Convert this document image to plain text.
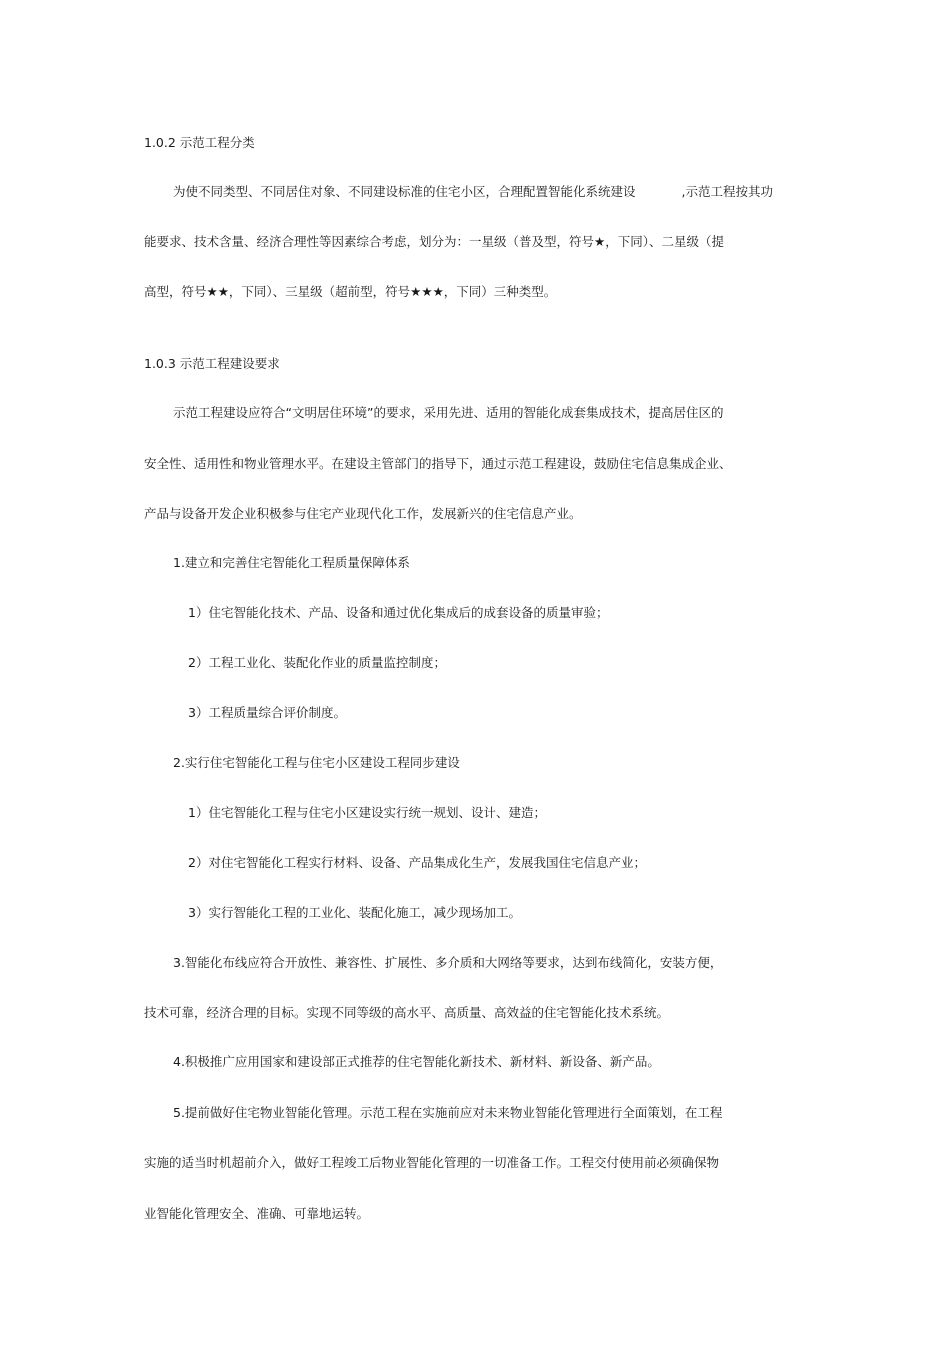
1.0.2 示范工程分类

为使不同类型、不同居住对象、不同建设标准的住宅小区，合理配置智能化系统建设	,示范工程按其功

能要求、技术含量、经济合理性等因素综合考虑，划分为：一星级（普及型，符号★，下同）、二星级（提

高型，符号★★，下同）、三星级（超前型，符号★★★，下同）三种类型。

1.0.3 示范工程建设要求

示范工程建设应符合“文明居住环境”的要求，采用先进、适用的智能化成套集成技术，提高居住区的

安全性、适用性和物业管理水平。在建设主管部门的指导下，通过示范工程建设，鼓励住宅信息集成企业、

产品与设备开发企业积极参与住宅产业现代化工作，发展新兴的住宅信息产业。

1.建立和完善住宅智能化工程质量保障体系

1）住宅智能化技术、产品、设备和通过优化集成后的成套设备的质量审验；

2）工程工业化、装配化作业的质量监控制度；

3）工程质量综合评价制度。

2.实行住宅智能化工程与住宅小区建设工程同步建设

1）住宅智能化工程与住宅小区建设实行统一规划、设计、建造；

2）对住宅智能化工程实行材料、设备、产品集成化生产，发展我国住宅信息产业；

3）实行智能化工程的工业化、装配化施工，减少现场加工。

3.智能化布线应符合开放性、兼容性、扩展性、多介质和大网络等要求，达到布线简化，安装方便，

技术可靠，经济合理的目标。实现不同等级的高水平、高质量、高效益的住宅智能化技术系统。

4.积极推广应用国家和建设部正式推荐的住宅智能化新技术、新材料、新设备、新产品。

5.提前做好住宅物业智能化管理。示范工程在实施前应对未来物业智能化管理进行全面策划，在工程

实施的适当时机超前介入，做好工程竣工后物业智能化管理的一切准备工作。工程交付使用前必须确保物

业智能化管理安全、准确、可靠地运转。
